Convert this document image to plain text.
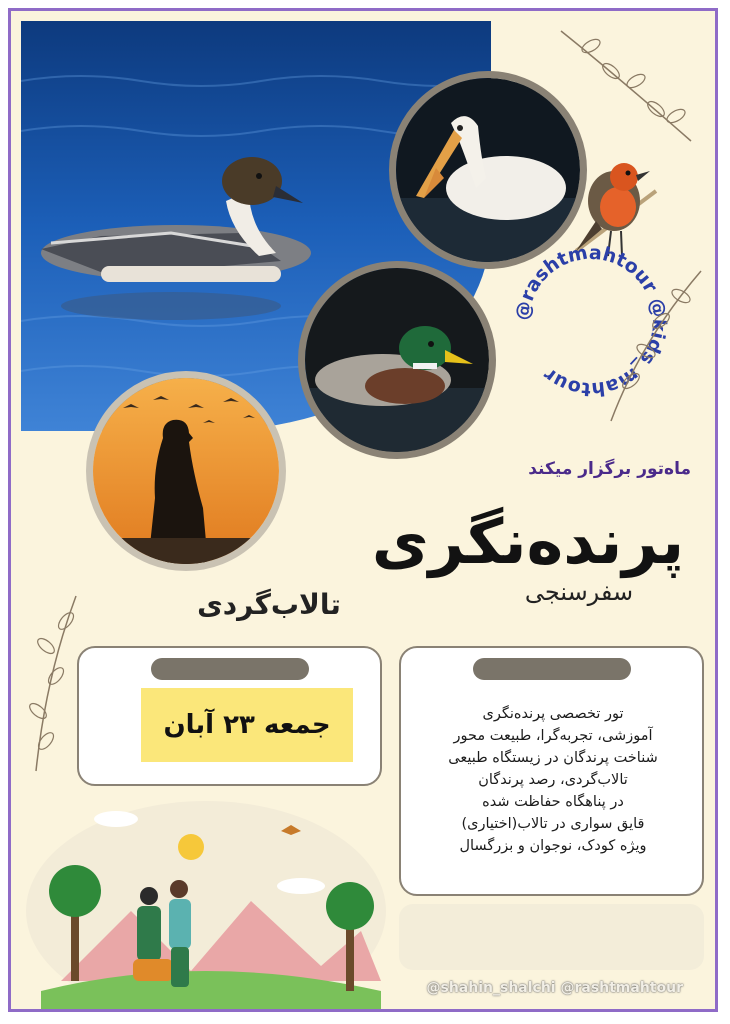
@rashtmahtour @kids_mahtour
ماه‌تور برگزار میکند
پرنده‌نگری
سفرسنجی
تالاب‌گردی
جمعه ۲۳ آبان	تور تخصصی پرنده‌نگری
آموزشی، تجربه‌گرا، طبیعت محور
شناخت پرندگان در زیستگاه طبیعی
تالاب‌گردی، رصد پرندگان
در پناهگاه حفاظت شده
قایق سواری در تالاب(اختیاری)
ویژه کودک، نوجوان و بزرگسال
@shahin_shalchi @rashtmahtour
